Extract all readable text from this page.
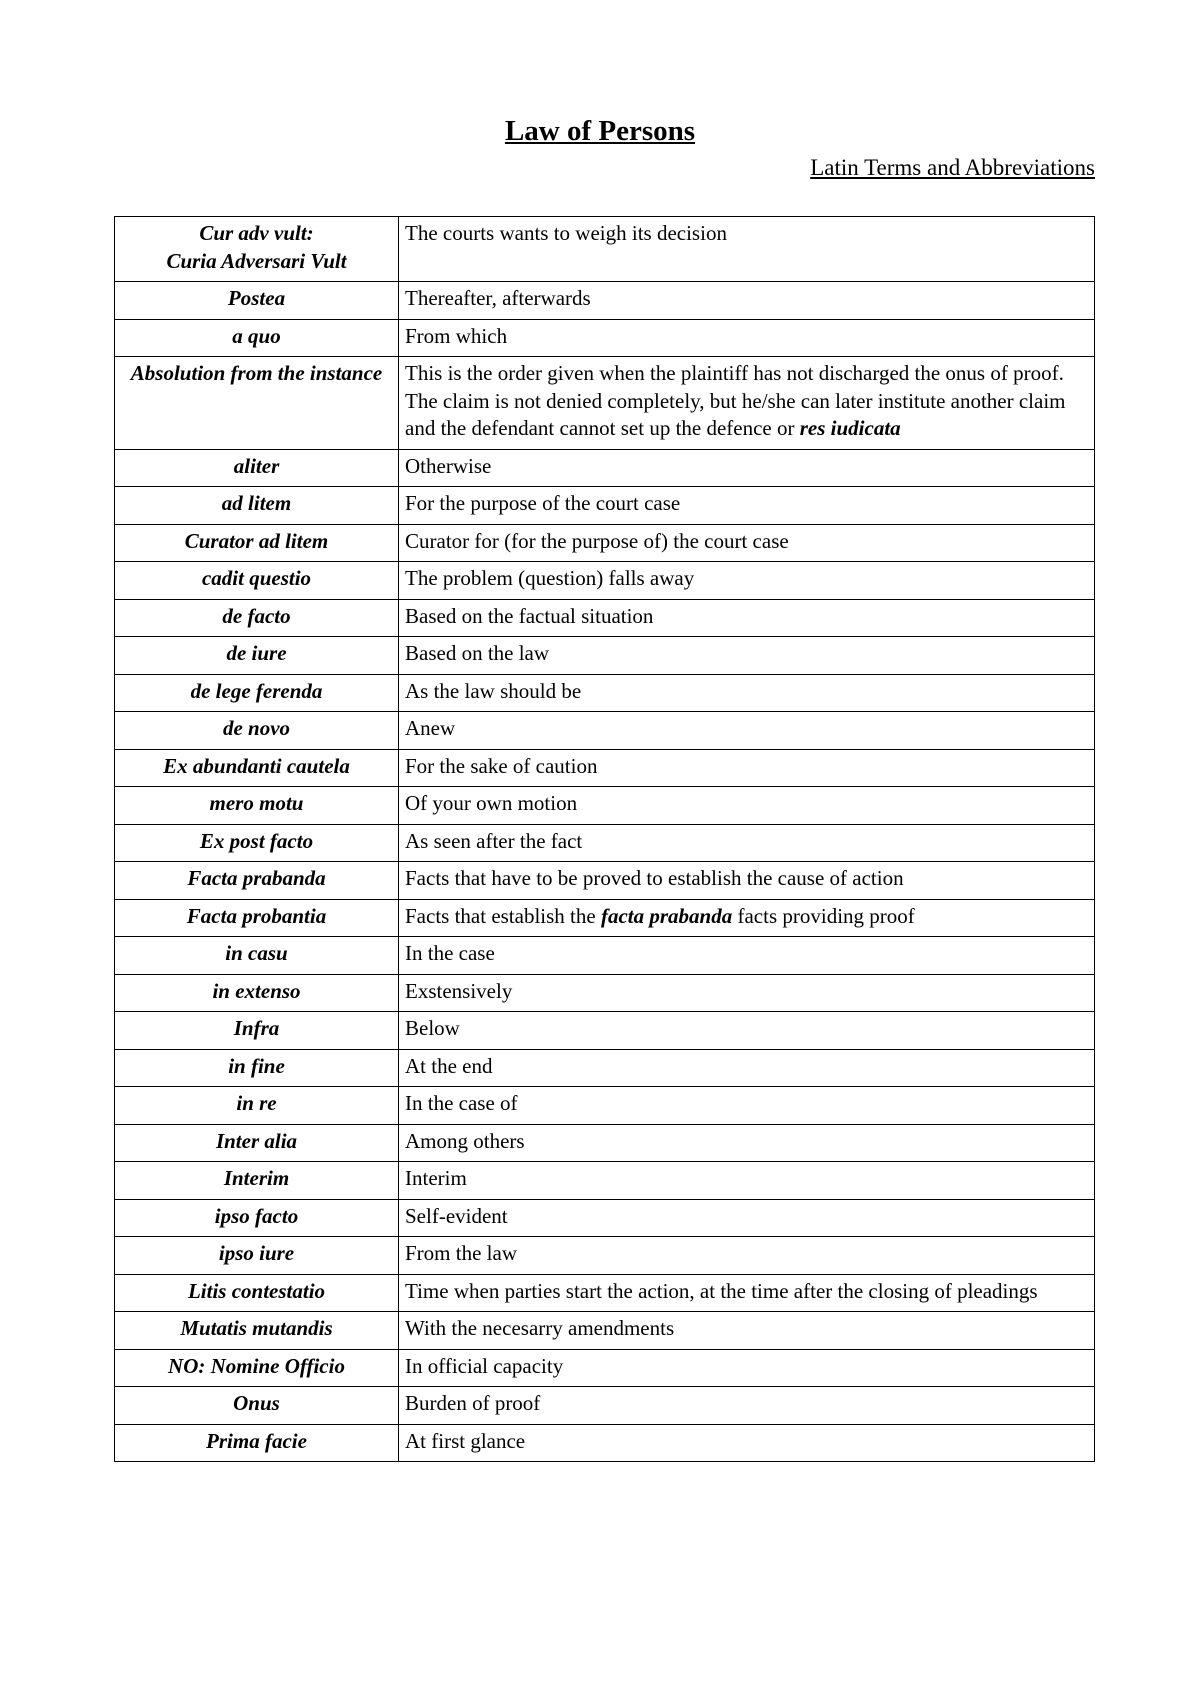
Law of Persons
Latin Terms and Abbreviations
Cur adv vult:
Curia Adversari Vult	The courts wants to weigh its decision
Postea	Thereafter, afterwards
a quo	From which
Absolution from the instance	This is the order given when the plaintiff has not discharged the onus of proof. The claim is not denied completely, but he/she can later institute another claim and the defendant cannot set up the defence or res iudicata
aliter	Otherwise
ad litem	For the purpose of the court case
Curator ad litem	Curator for (for the purpose of) the court case
cadit questio	The problem (question) falls away
de facto	Based on the factual situation
de iure	Based on the law
de lege ferenda	As the law should be
de novo	Anew
Ex abundanti cautela	For the sake of caution
mero motu	Of your own motion
Ex post facto	As seen after the fact
Facta prabanda	Facts that have to be proved to establish the cause of action
Facta probantia	Facts that establish the facta prabanda facts providing proof
in casu	In the case
in extenso	Exstensively
Infra	Below
in fine	At the end
in re	In the case of
Inter alia	Among others
Interim	Interim
ipso facto	Self-evident
ipso iure	From the law
Litis contestatio	Time when parties start the action, at the time after the closing of pleadings
Mutatis mutandis	With the necesarry amendments
NO: Nomine Officio	In official capacity
Onus	Burden of proof
Prima facie	At first glance
